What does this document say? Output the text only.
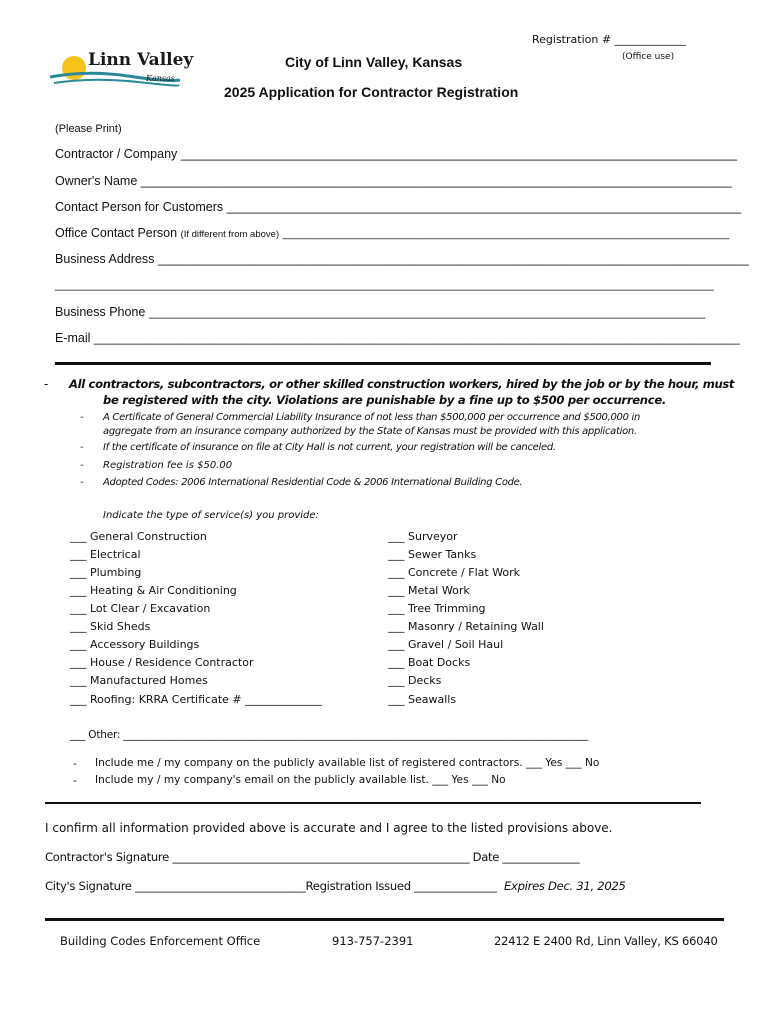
Linn Valley
Kansas
Registration # _____________
(Office use)
City of Linn Valley, Kansas
2025 Application for Contractor Registration
(Please Print)
Contractor / Company ________________________________________________________________________________
Owner's Name _____________________________________________________________________________________
Contact Person for Customers __________________________________________________________________________
Office Contact Person (If different from above) _________________________________________________________________________
Business Address _____________________________________________________________________________________
_______________________________________________________________________________________________________
Business Phone _______________________________________________________________________________________
E-mail _____________________________________________________________________________________________________
- All contractors, subcontractors, or other skilled construction workers, hired by the job or by the hour, must
be registered with the city. Violations are punishable by a fine up to $500 per occurrence.
- A Certificate of General Commercial Liability Insurance of not less than $500,000 per occurrence and $500,000 in
aggregate from an insurance company authorized by the State of Kansas must be provided with this application.
- If the certificate of insurance on file at City Hall is not current, your registration will be canceled.
- Registration fee is $50.00
- Adopted Codes: 2006 International Residential Code & 2006 International Building Code.
Indicate the type of service(s) you provide:
___ General Construction
___ Electrical
___ Plumbing
___ Heating & Air Conditioning
___ Lot Clear / Excavation
___ Skid Sheds
___ Accessory Buildings
___ House / Residence Contractor
___ Manufactured Homes
___ Roofing: KRRA Certificate # ______________
___ Surveyor
___ Sewer Tanks
___ Concrete / Flat Work
___ Metal Work
___ Tree Trimming
___ Masonry / Retaining Wall
___ Gravel / Soil Haul
___ Boat Docks
___ Decks
___ Seawalls
___ Other: ____________________________________________________________________________________________
- Include me / my company on the publicly available list of registered contractors. ___ Yes ___ No
- Include my / my company's email on the publicly available list. ___ Yes ___ No
I confirm all information provided above is accurate and I agree to the listed provisions above.
Contractor's Signature ______________________________________________________ Date ______________
City's Signature _______________________________Registration Issued _______________ Expires Dec. 31, 2025
Building Codes Enforcement Office	913-757-2391	22412 E 2400 Rd, Linn Valley, KS 66040
